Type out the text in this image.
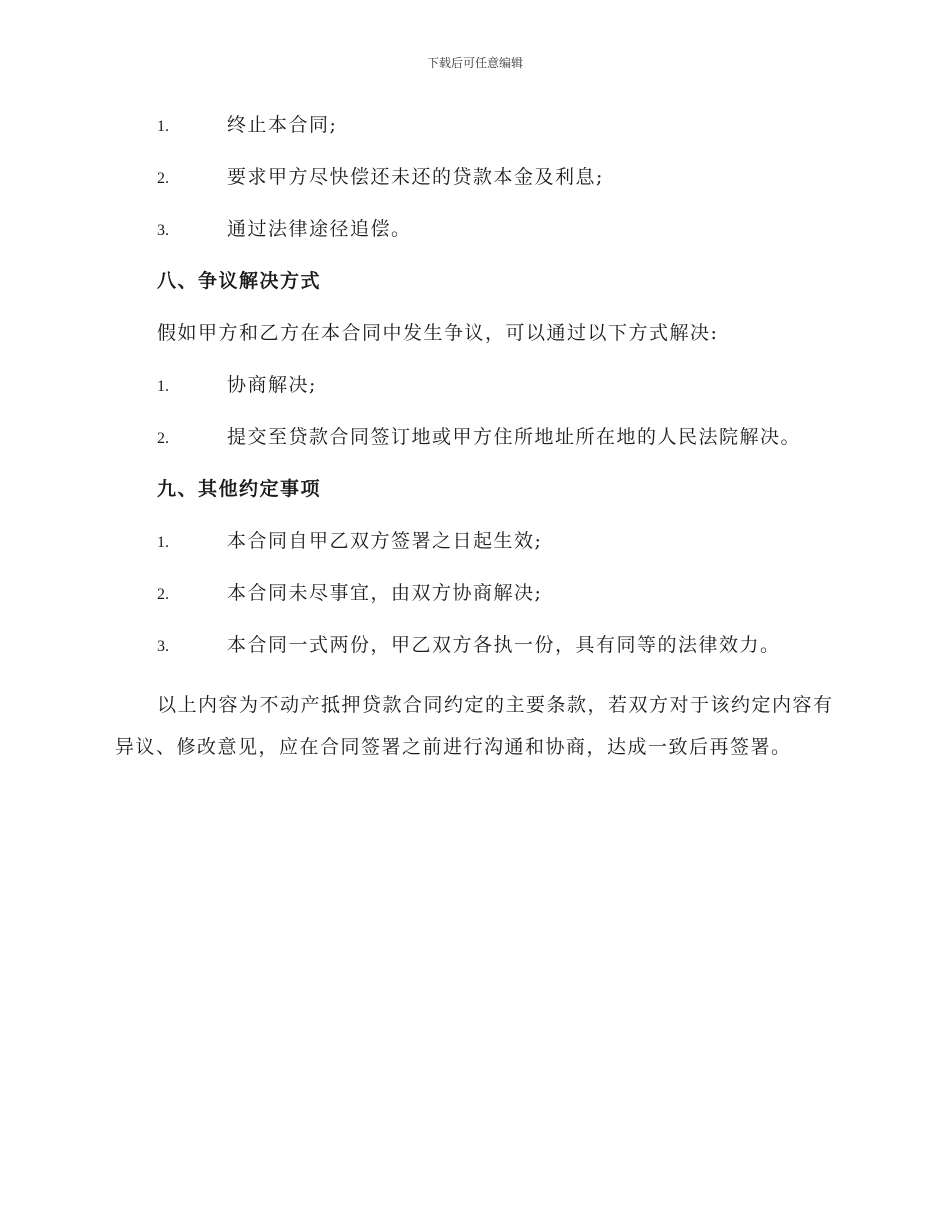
下载后可任意编辑
1.	终止本合同;
2.	要求甲方尽快偿还未还的贷款本金及利息;
3.	通过法律途径追偿。
八、争议解决方式
假如甲方和乙方在本合同中发生争议，可以通过以下方式解决:
1.	协商解决;
2.	提交至贷款合同签订地或甲方住所地址所在地的人民法院解决。
九、其他约定事项
1.	本合同自甲乙双方签署之日起生效;
2.	本合同未尽事宜，由双方协商解决;
3.	本合同一式两份，甲乙双方各执一份，具有同等的法律效力。
以上内容为不动产抵押贷款合同约定的主要条款，若双方对于该约定内容有异议、修改意见，应在合同签署之前进行沟通和协商，达成一致后再签署。
